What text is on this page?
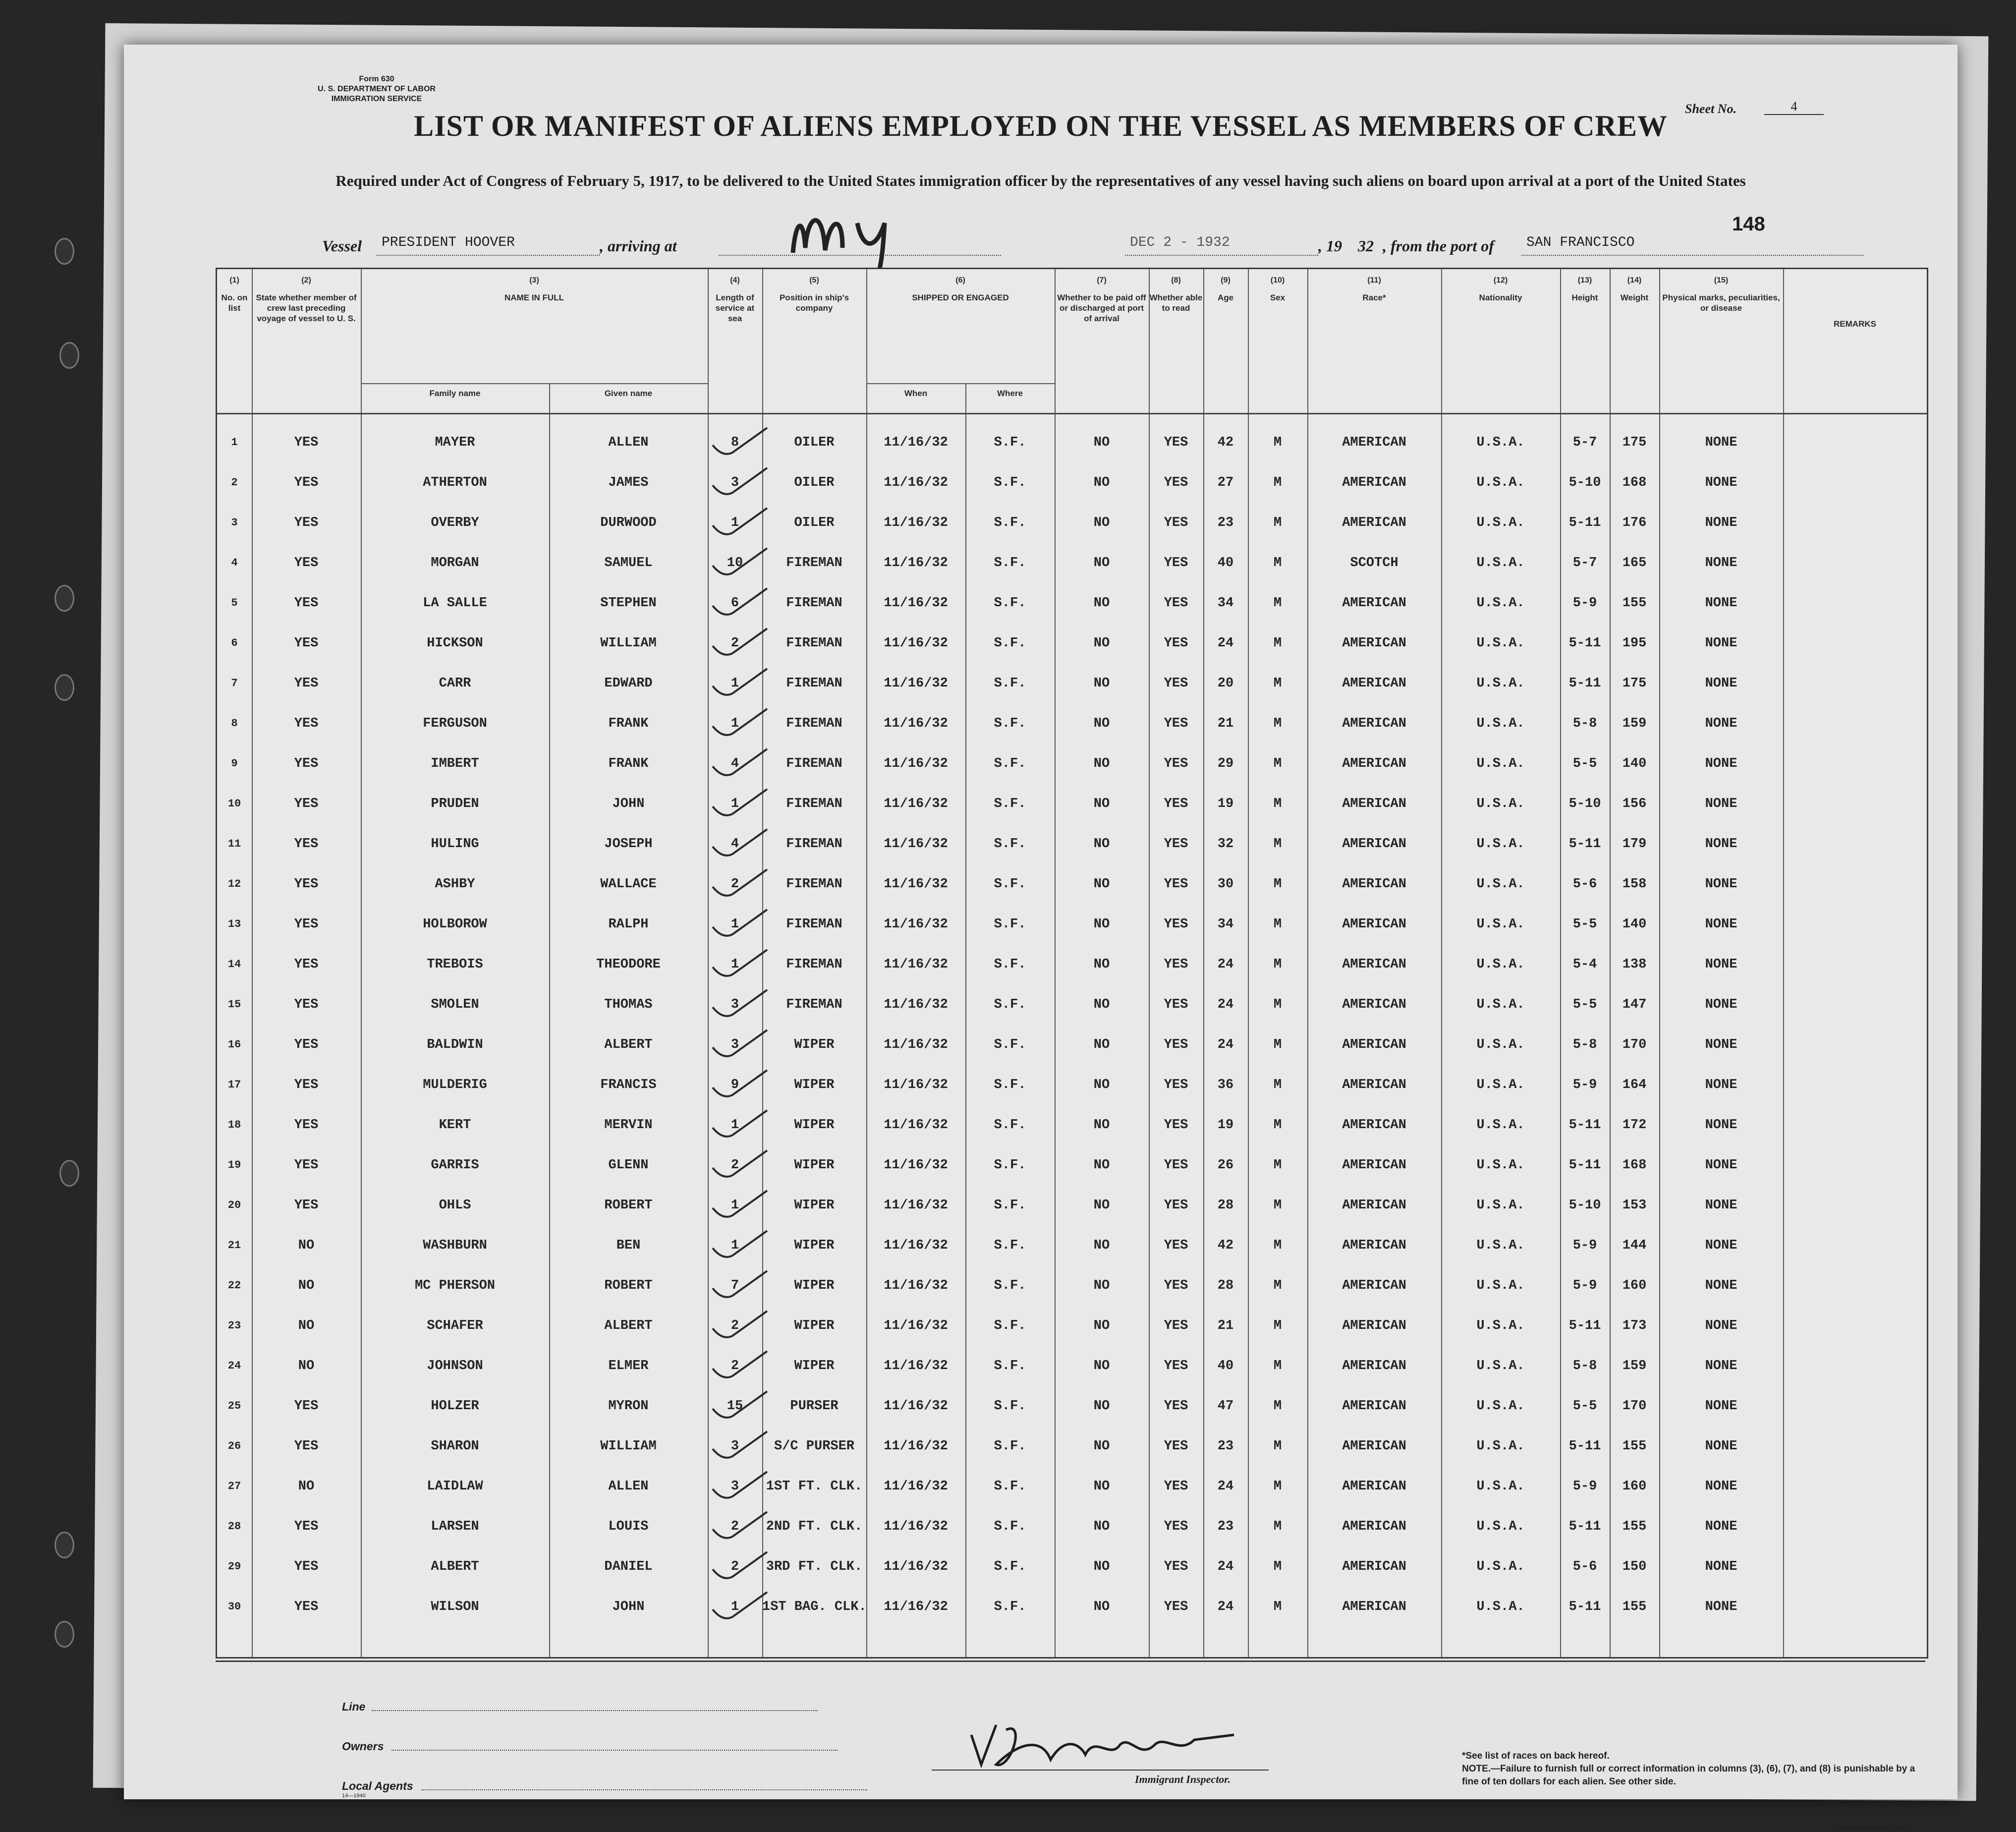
Form 630
U. S. DEPARTMENT OF LABOR
IMMIGRATION SERVICE
Sheet No.	4
LIST OR MANIFEST OF ALIENS EMPLOYED ON THE VESSEL AS MEMBERS OF CREW
Required under Act of Congress of February 5, 1917, to be delivered to the United States immigration officer by the representatives of any vessel having such aliens on board upon arrival at a port of the United States
148
Vessel	PRESIDENT HOOVER	, arriving at	DEC 2 - 1932	, 19 32 , from the port of	SAN FRANCISCO
(1)
No. on list
(2)
State whether member of crew last preceding voyage of vessel to U. S.
(3)
NAME IN FULL
Family name	Given name
(4)
Length of service at sea
(5)
Position in ship's company
(6)
SHIPPED OR ENGAGED
When	Where
(7)
Whether to be paid off or discharged at port of arrival
(8)
Whether able to read
(9)
Age
(10)
Sex
(11)
Race*
(12)
Nationality
(13)
Height
(14)
Weight
(15)
Physical marks, peculiarities, or disease
REMARKS
1	YES	MAYER	ALLEN	8	OILER	11/16/32	S.F.	NO	YES	42	M	AMERICAN	U.S.A.	5-7	175	NONE
2	YES	ATHERTON	JAMES	3	OILER	11/16/32	S.F.	NO	YES	27	M	AMERICAN	U.S.A.	5-10	168	NONE
3	YES	OVERBY	DURWOOD	1	OILER	11/16/32	S.F.	NO	YES	23	M	AMERICAN	U.S.A.	5-11	176	NONE
4	YES	MORGAN	SAMUEL	10	FIREMAN	11/16/32	S.F.	NO	YES	40	M	SCOTCH	U.S.A.	5-7	165	NONE
5	YES	LA SALLE	STEPHEN	6	FIREMAN	11/16/32	S.F.	NO	YES	34	M	AMERICAN	U.S.A.	5-9	155	NONE
6	YES	HICKSON	WILLIAM	2	FIREMAN	11/16/32	S.F.	NO	YES	24	M	AMERICAN	U.S.A.	5-11	195	NONE
7	YES	CARR	EDWARD	1	FIREMAN	11/16/32	S.F.	NO	YES	20	M	AMERICAN	U.S.A.	5-11	175	NONE
8	YES	FERGUSON	FRANK	1	FIREMAN	11/16/32	S.F.	NO	YES	21	M	AMERICAN	U.S.A.	5-8	159	NONE
9	YES	IMBERT	FRANK	4	FIREMAN	11/16/32	S.F.	NO	YES	29	M	AMERICAN	U.S.A.	5-5	140	NONE
10	YES	PRUDEN	JOHN	1	FIREMAN	11/16/32	S.F.	NO	YES	19	M	AMERICAN	U.S.A.	5-10	156	NONE
11	YES	HULING	JOSEPH	4	FIREMAN	11/16/32	S.F.	NO	YES	32	M	AMERICAN	U.S.A.	5-11	179	NONE
12	YES	ASHBY	WALLACE	2	FIREMAN	11/16/32	S.F.	NO	YES	30	M	AMERICAN	U.S.A.	5-6	158	NONE
13	YES	HOLBOROW	RALPH	1	FIREMAN	11/16/32	S.F.	NO	YES	34	M	AMERICAN	U.S.A.	5-5	140	NONE
14	YES	TREBOIS	THEODORE	1	FIREMAN	11/16/32	S.F.	NO	YES	24	M	AMERICAN	U.S.A.	5-4	138	NONE
15	YES	SMOLEN	THOMAS	3	FIREMAN	11/16/32	S.F.	NO	YES	24	M	AMERICAN	U.S.A.	5-5	147	NONE
16	YES	BALDWIN	ALBERT	3	WIPER	11/16/32	S.F.	NO	YES	24	M	AMERICAN	U.S.A.	5-8	170	NONE
17	YES	MULDERIG	FRANCIS	9	WIPER	11/16/32	S.F.	NO	YES	36	M	AMERICAN	U.S.A.	5-9	164	NONE
18	YES	KERT	MERVIN	1	WIPER	11/16/32	S.F.	NO	YES	19	M	AMERICAN	U.S.A.	5-11	172	NONE
19	YES	GARRIS	GLENN	2	WIPER	11/16/32	S.F.	NO	YES	26	M	AMERICAN	U.S.A.	5-11	168	NONE
20	YES	OHLS	ROBERT	1	WIPER	11/16/32	S.F.	NO	YES	28	M	AMERICAN	U.S.A.	5-10	153	NONE
21	NO	WASHBURN	BEN	1	WIPER	11/16/32	S.F.	NO	YES	42	M	AMERICAN	U.S.A.	5-9	144	NONE
22	NO	MC PHERSON	ROBERT	7	WIPER	11/16/32	S.F.	NO	YES	28	M	AMERICAN	U.S.A.	5-9	160	NONE
23	NO	SCHAFER	ALBERT	2	WIPER	11/16/32	S.F.	NO	YES	21	M	AMERICAN	U.S.A.	5-11	173	NONE
24	NO	JOHNSON	ELMER	2	WIPER	11/16/32	S.F.	NO	YES	40	M	AMERICAN	U.S.A.	5-8	159	NONE
25	YES	HOLZER	MYRON	15	PURSER	11/16/32	S.F.	NO	YES	47	M	AMERICAN	U.S.A.	5-5	170	NONE
26	YES	SHARON	WILLIAM	3	S/C PURSER	11/16/32	S.F.	NO	YES	23	M	AMERICAN	U.S.A.	5-11	155	NONE
27	NO	LAIDLAW	ALLEN	3	1ST FT. CLK.	11/16/32	S.F.	NO	YES	24	M	AMERICAN	U.S.A.	5-9	160	NONE
28	YES	LARSEN	LOUIS	2	2ND FT. CLK.	11/16/32	S.F.	NO	YES	23	M	AMERICAN	U.S.A.	5-11	155	NONE
29	YES	ALBERT	DANIEL	2	3RD FT. CLK.	11/16/32	S.F.	NO	YES	24	M	AMERICAN	U.S.A.	5-6	150	NONE
30	YES	WILSON	JOHN	1	1ST BAG. CLK.	11/16/32	S.F.	NO	YES	24	M	AMERICAN	U.S.A.	5-11	155	NONE
Line
Owners
Local Agents
14—1940
Immigrant Inspector.
*See list of races on back hereof.
NOTE.—Failure to furnish full or correct information in columns (3), (6), (7), and (8) is punishable by a fine of ten dollars for each alien. See other side.
U. S. GOVERNMENT PRINTING OFFICE: 1932
